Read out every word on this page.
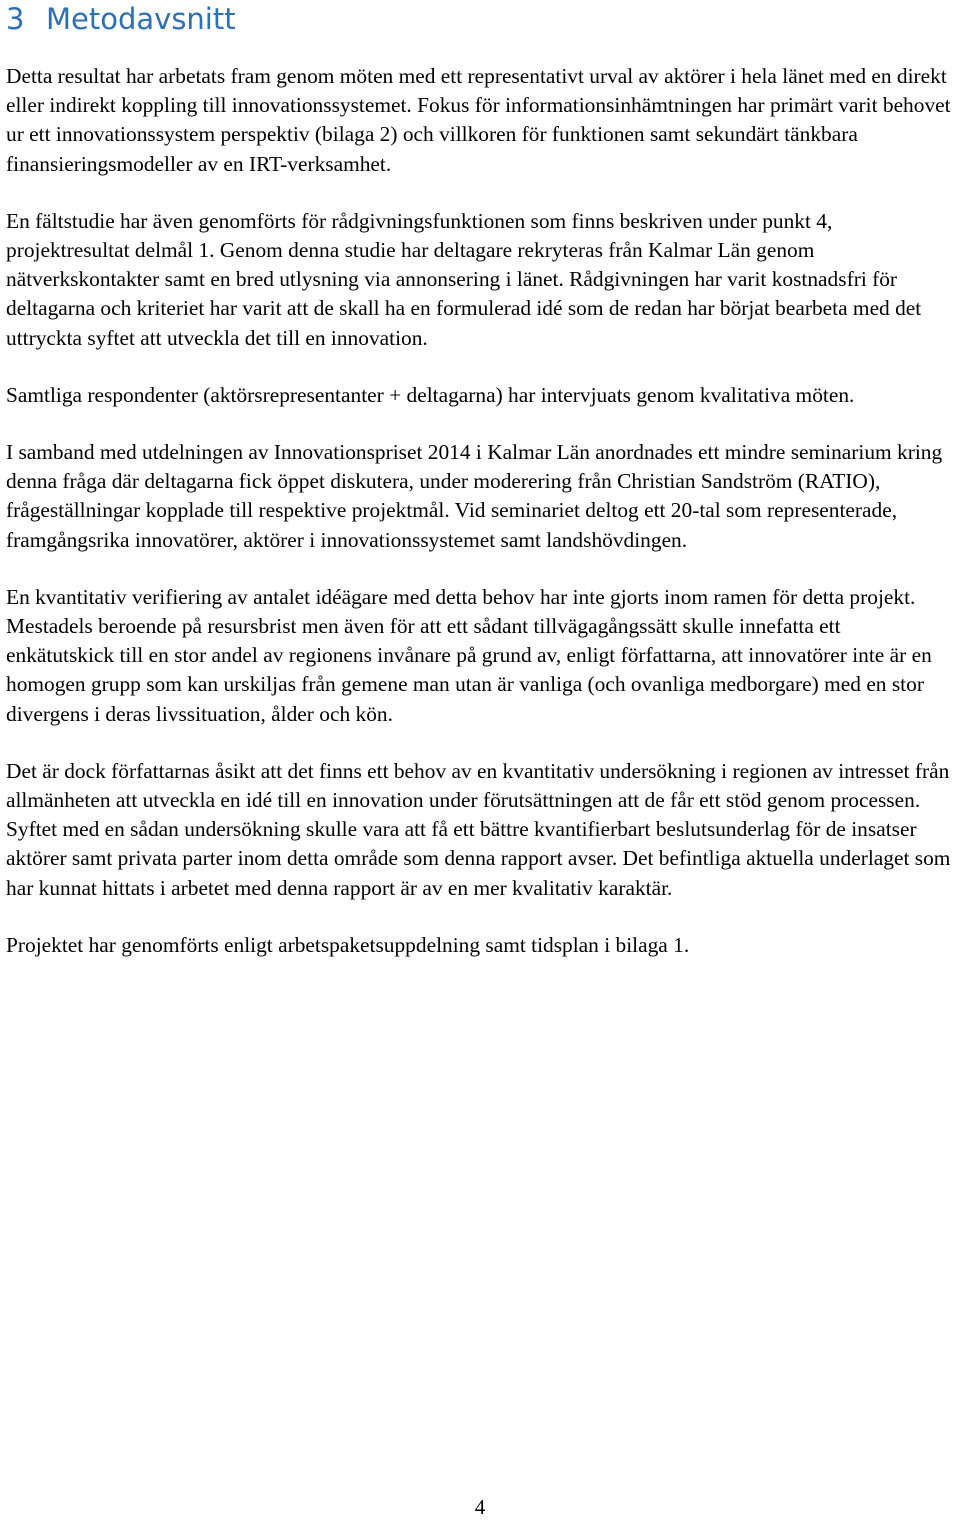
3 Metodavsnitt

Detta resultat har arbetats fram genom möten med ett representativt urval av aktörer i hela länet med en direkt eller indirekt koppling till innovationssystemet. Fokus för informationsinhämtningen har primärt varit behovet ur ett innovationssystem perspektiv (bilaga 2) och villkoren för funktionen samt sekundärt tänkbara finansieringsmodeller av en IRT-verksamhet.

En fältstudie har även genomförts för rådgivningsfunktionen som finns beskriven under punkt 4, projektresultat delmål 1. Genom denna studie har deltagare rekryteras från Kalmar Län genom nätverkskontakter samt en bred utlysning via annonsering i länet. Rådgivningen har varit kostnadsfri för deltagarna och kriteriet har varit att de skall ha en formulerad idé som de redan har börjat bearbeta med det uttryckta syftet att utveckla det till en innovation.

Samtliga respondenter (aktörsrepresentanter + deltagarna) har intervjuats genom kvalitativa möten.

I samband med utdelningen av Innovationspriset 2014 i Kalmar Län anordnades ett mindre seminarium kring denna fråga där deltagarna fick öppet diskutera, under moderering från Christian Sandström (RATIO), frågeställningar kopplade till respektive projektmål. Vid seminariet deltog ett 20-tal som representerade, framgångsrika innovatörer, aktörer i innovationssystemet samt landshövdingen.

En kvantitativ verifiering av antalet idéägare med detta behov har inte gjorts inom ramen för detta projekt. Mestadels beroende på resursbrist men även för att ett sådant tillvägagångssätt skulle innefatta ett enkätutskick till en stor andel av regionens invånare på grund av, enligt författarna, att innovatörer inte är en homogen grupp som kan urskiljas från gemene man utan är vanliga (och ovanliga medborgare) med en stor divergens i deras livssituation, ålder och kön.

Det är dock författarnas åsikt att det finns ett behov av en kvantitativ undersökning i regionen av intresset från allmänheten att utveckla en idé till en innovation under förutsättningen att de får ett stöd genom processen. Syftet med en sådan undersökning skulle vara att få ett bättre kvantifierbart beslutsunderlag för de insatser aktörer samt privata parter inom detta område som denna rapport avser. Det befintliga aktuella underlaget som har kunnat hittats i arbetet med denna rapport är av en mer kvalitativ karaktär.

Projektet har genomförts enligt arbetspaketsuppdelning samt tidsplan i bilaga 1.

4
